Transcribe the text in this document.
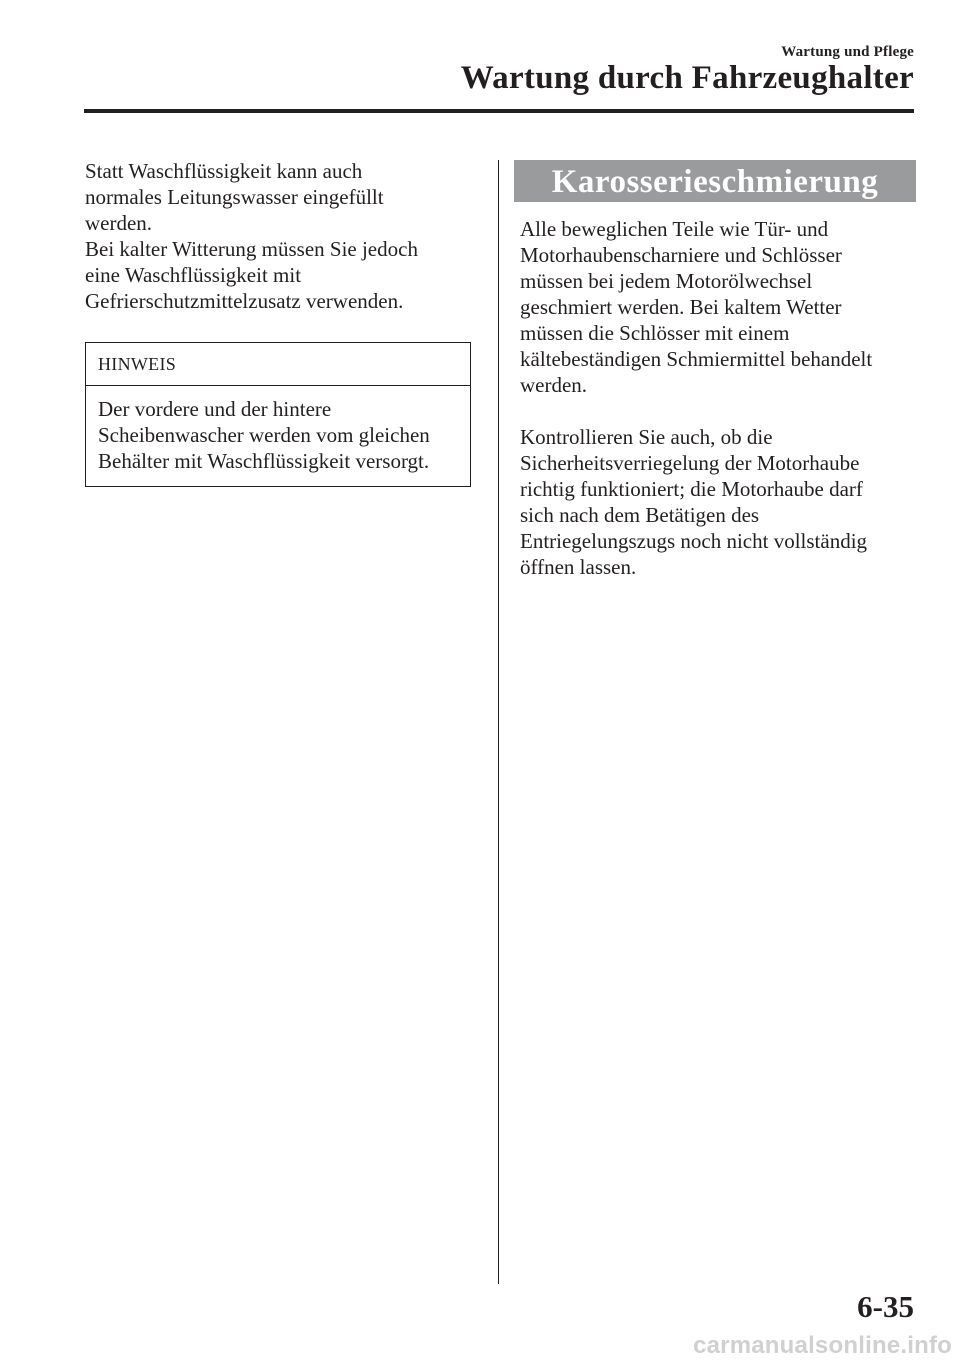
Wartung und Pflege
Wartung durch Fahrzeughalter

Statt Waschflüssigkeit kann auch
normales Leitungswasser eingefüllt
werden.
Bei kalter Witterung müssen Sie jedoch
eine Waschflüssigkeit mit
Gefrierschutzmittelzusatz verwenden.

HINWEIS
Der vordere und der hintere
Scheibenwascher werden vom gleichen
Behälter mit Waschflüssigkeit versorgt.
Karosserieschmierung

Alle beweglichen Teile wie Tür- und
Motorhaubenscharniere und Schlösser
müssen bei jedem Motorölwechsel
geschmiert werden. Bei kaltem Wetter
müssen die Schlösser mit einem
kältebeständigen Schmiermittel behandelt
werden.

Kontrollieren Sie auch, ob die
Sicherheitsverriegelung der Motorhaube
richtig funktioniert; die Motorhaube darf
sich nach dem Betätigen des
Entriegelungszugs noch nicht vollständig
öffnen lassen.

6-35
carmanualsonline.info
